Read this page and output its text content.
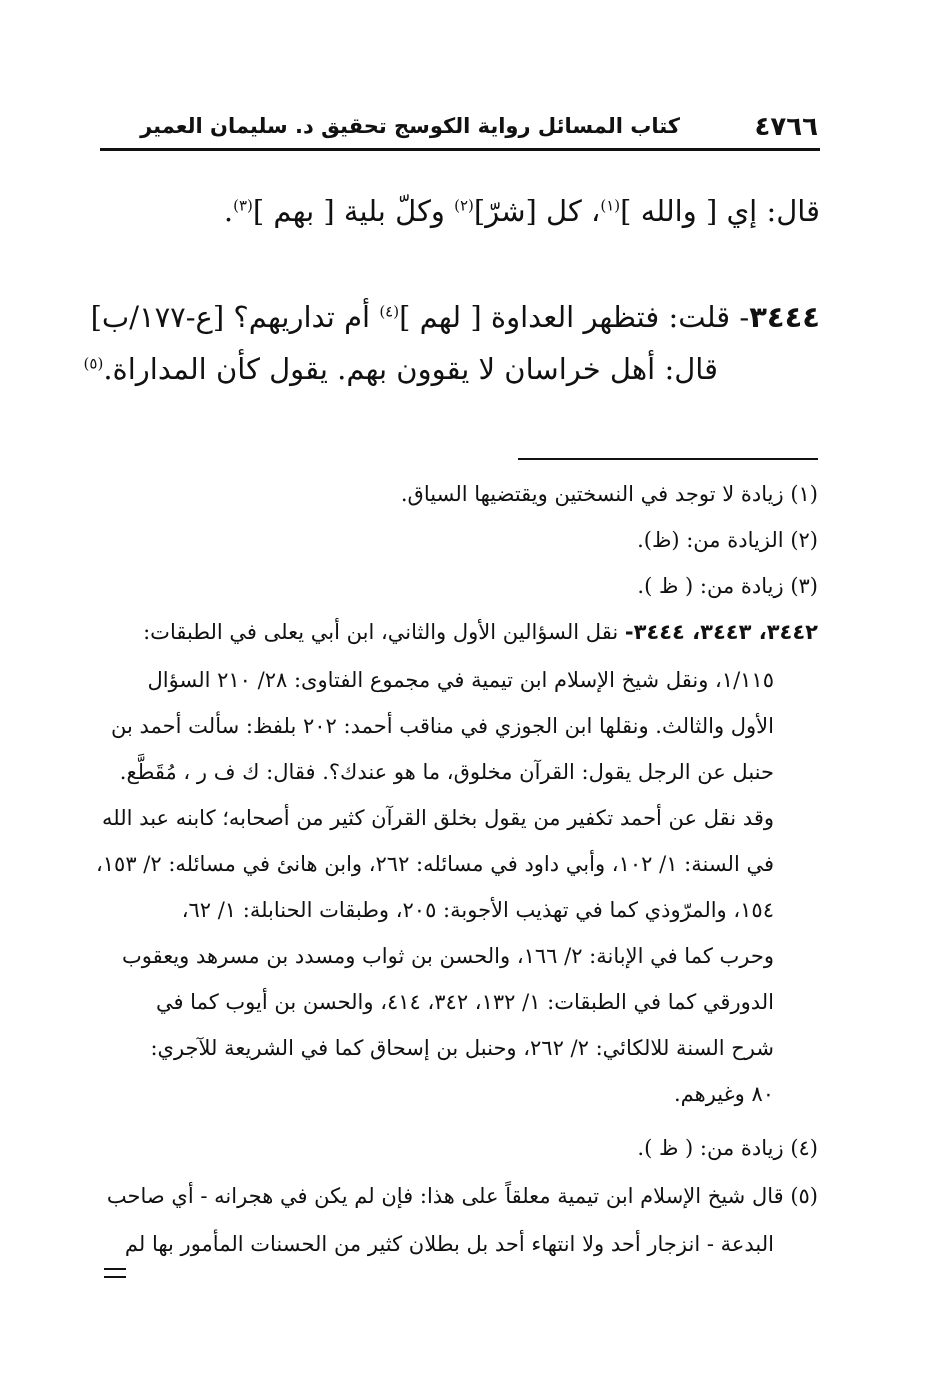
٤٧٦٦
كتاب المسائل رواية الكوسج تحقيق د. سليمان العمير
قال: إي [ والله ]$^{(١)}$، كل [شرّ]$^{(٢)}$ وكلّ بلية [ بهم ]$^{(٣)}$.
٣٤٤٤- قلت: فتظهر العداوة [ لهم ]$^{(٤)}$ أم تداريهم؟ [ع-١٧٧/ب]
قال: أهل خراسان لا يقوون بهم. يقول كأن المداراة.$^{(٥)}$
(١) زيادة لا توجد في النسختين ويقتضيها السياق.
(٢) الزيادة من: (ظ).
(٣) زيادة من: ( ظ ).
٣٤٤٢، ٣٤٤٣، ٣٤٤٤- نقل السؤالين الأول والثاني، ابن أبي يعلى في الطبقات:
١/١١٥، ونقل شيخ الإسلام ابن تيمية في مجموع الفتاوى: ٢٨/ ٢١٠ السؤال
الأول والثالث. ونقلها ابن الجوزي في مناقب أحمد: ٢٠٢ بلفظ: سألت أحمد بن
حنبل عن الرجل يقول: القرآن مخلوق، ما هو عندك؟. فقال: ك ف ر ، مُقَطَّع.
وقد نقل عن أحمد تكفير من يقول بخلق القرآن كثير من أصحابه؛ كابنه عبد الله
في السنة: ١/ ١٠٢، وأبي داود في مسائله: ٢٦٢، وابن هانئ في مسائله: ٢/ ١٥٣،
١٥٤، والمرّوذي كما في تهذيب الأجوبة: ٢٠٥، وطبقات الحنابلة: ١/ ٦٢،
وحرب كما في الإبانة: ٢/ ١٦٦، والحسن بن ثواب ومسدد بن مسرهد ويعقوب
الدورقي كما في الطبقات: ١/ ١٣٢، ٣٤٢، ٤١٤، والحسن بن أيوب كما في
شرح السنة للالكائي: ٢/ ٢٦٢، وحنبل بن إسحاق كما في الشريعة للآجري:
٨٠ وغيرهم.
(٤) زيادة من: ( ظ ).
(٥) قال شيخ الإسلام ابن تيمية معلقاً على هذا: فإن لم يكن في هجرانه - أي صاحب
البدعة - انزجار أحد ولا انتهاء أحد بل بطلان كثير من الحسنات المأمور بها لم
